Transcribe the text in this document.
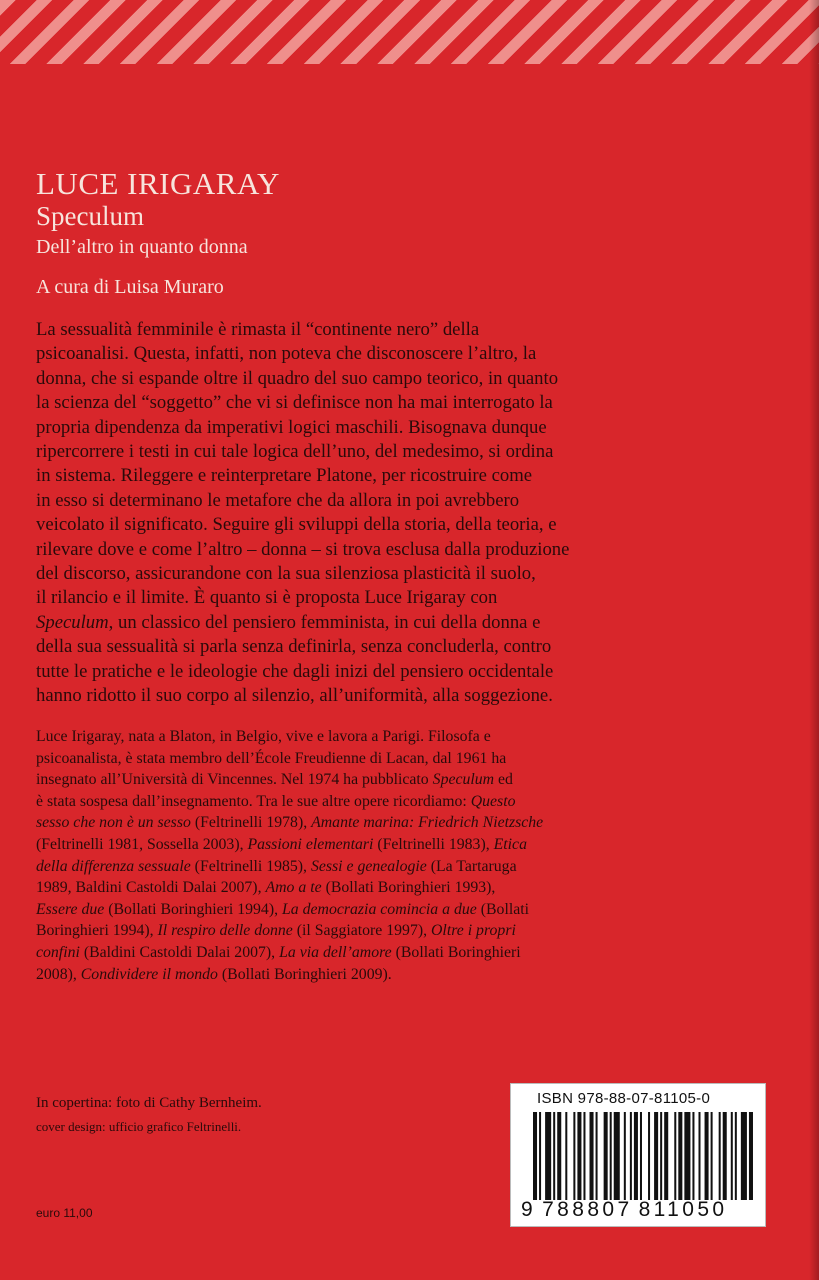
LUCE IRIGARAY
Speculum
Dell’altro in quanto donna
A cura di Luisa Muraro

La sessualità femminile è rimasta il “continente nero” della
psicoanalisi. Questa, infatti, non poteva che disconoscere l’altro, la
donna, che si espande oltre il quadro del suo campo teorico, in quanto
la scienza del “soggetto” che vi si definisce non ha mai interrogato la
propria dipendenza da imperativi logici maschili. Bisognava dunque
ripercorrere i testi in cui tale logica dell’uno, del medesimo, si ordina
in sistema. Rileggere e reinterpretare Platone, per ricostruire come
in esso si determinano le metafore che da allora in poi avrebbero
veicolato il significato. Seguire gli sviluppi della storia, della teoria, e
rilevare dove e come l’altro – donna – si trova esclusa dalla produzione
del discorso, assicurandone con la sua silenziosa plasticità il suolo,
il rilancio e il limite. È quanto si è proposta Luce Irigaray con
Speculum, un classico del pensiero femminista, in cui della donna e
della sua sessualità si parla senza definirla, senza concluderla, contro
tutte le pratiche e le ideologie che dagli inizi del pensiero occidentale
hanno ridotto il suo corpo al silenzio, all’uniformità, alla soggezione.

Luce Irigaray, nata a Blaton, in Belgio, vive e lavora a Parigi. Filosofa e
psicoanalista, è stata membro dell’École Freudienne di Lacan, dal 1961 ha
insegnato all’Università di Vincennes. Nel 1974 ha pubblicato Speculum ed
è stata sospesa dall’insegnamento. Tra le sue altre opere ricordiamo: Questo
sesso che non è un sesso (Feltrinelli 1978), Amante marina: Friedrich Nietzsche
(Feltrinelli 1981, Sossella 2003), Passioni elementari (Feltrinelli 1983), Etica
della differenza sessuale (Feltrinelli 1985), Sessi e genealogie (La Tartaruga
1989, Baldini Castoldi Dalai 2007), Amo a te (Bollati Boringhieri 1993),
Essere due (Bollati Boringhieri 1994), La democrazia comincia a due (Bollati
Boringhieri 1994), Il respiro delle donne (il Saggiatore 1997), Oltre i propri
confini (Baldini Castoldi Dalai 2007), La via dell’amore (Bollati Boringhieri
2008), Condividere il mondo (Bollati Boringhieri 2009).
In copertina: foto di Cathy Bernheim.
cover design: ufficio grafico Feltrinelli.
euro 11,00
ISBN 978-88-07-81105-0
9 788807 811050
